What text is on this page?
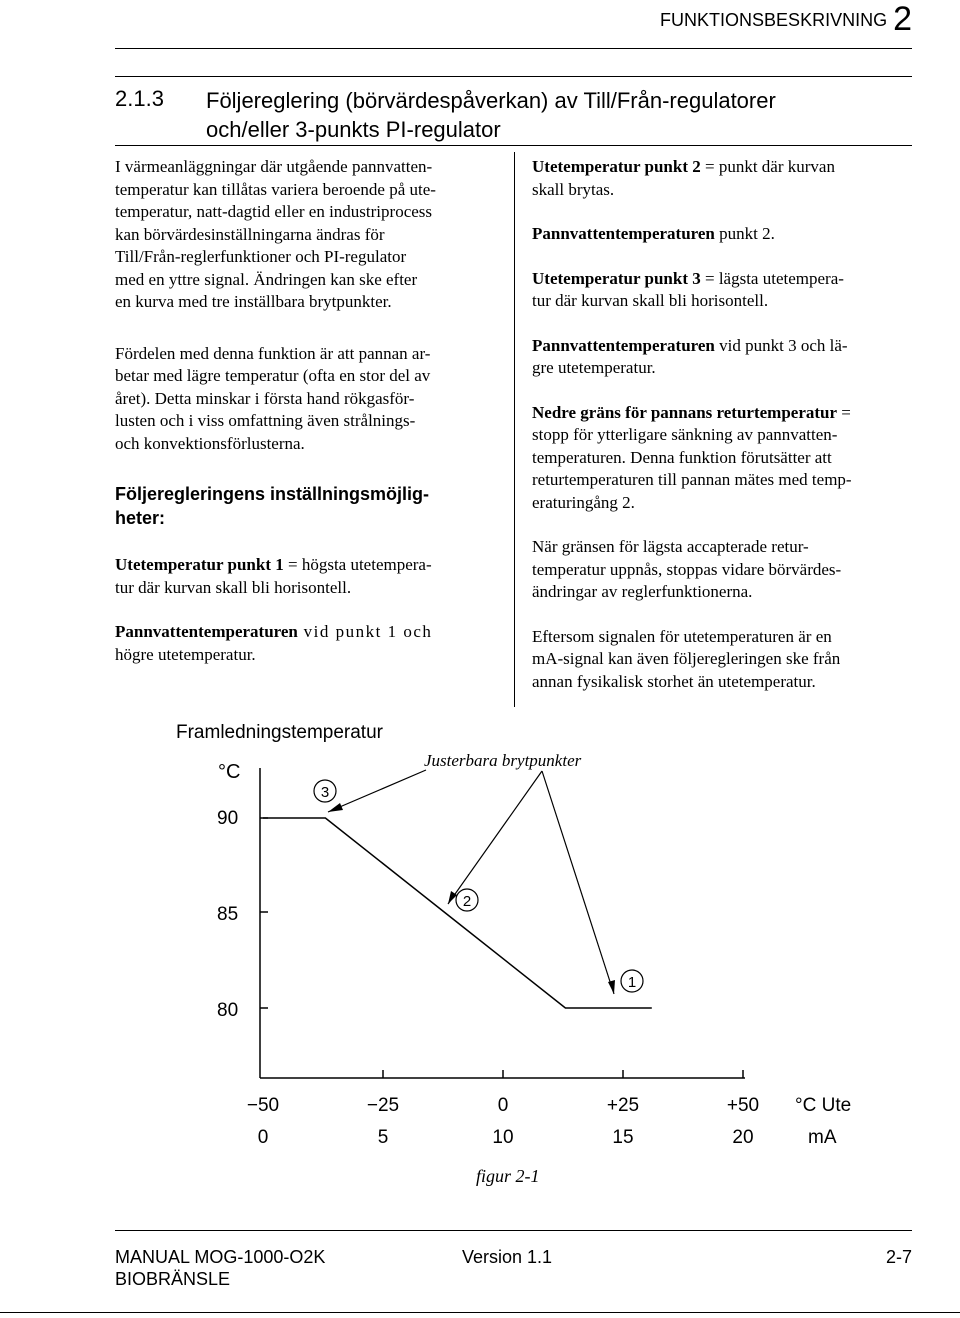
FUNKTIONSBESKRIVNING 2
2.1.3 Följereglering (börvärdespåverkan) av Till/Från-regulatorer
och/eller 3-punkts PI-regulator

I värmeanläggningar där utgående pannvatten-
temperatur kan tillåtas variera beroende på ute-
temperatur, natt-dagtid eller en industriprocess
kan börvärdesinställningarna ändras för
Till/Från-reglerfunktioner och PI-regulator
med en yttre signal. Ändringen kan ske efter
en kurva med tre inställbara brytpunkter.

Fördelen med denna funktion är att pannan ar-
betar med lägre temperatur (ofta en stor del av
året). Detta minskar i första hand rökgasför-
lusten och i viss omfattning även strålnings-
och konvektionsförlusterna.

Följeregleringens inställningsmöjlig-
heter:

Utetemperatur punkt 1 = högsta utetempera-
tur där kurvan skall bli horisontell.

Pannvattentemperaturen vid punkt 1 och
högre utetemperatur.

Utetemperatur punkt 2 = punkt där kurvan
skall brytas.

Pannvattentemperaturen punkt 2.

Utetemperatur punkt 3 = lägsta utetempera-
tur där kurvan skall bli horisontell.

Pannvattentemperaturen vid punkt 3 och lä-
gre utetemperatur.

Nedre gräns för pannans returtemperatur =
stopp för ytterligare sänkning av pannvatten-
temperaturen. Denna funktion förutsätter att
returtemperaturen till pannan mätes med temp-
eraturingång 2.

När gränsen för lägsta accapterade retur-
temperatur uppnås, stoppas vidare börvärdes-
ändringar av reglerfunktionerna.

Eftersom signalen för utetemperaturen är en
mA-signal kan även följeregleringen ske från
annan fysikalisk storhet än utetemperatur.

Framledningstemperatur
°C
90
85
80
−50	−25	0	+25	+50 °C Ute
0	5	10	15	20	mA
Justerbara brytpunkter
3
2
1
figur 2-1
MANUAL MOG-1000-O2K
BIOBRÄNSLE
Version 1.1	2-7
